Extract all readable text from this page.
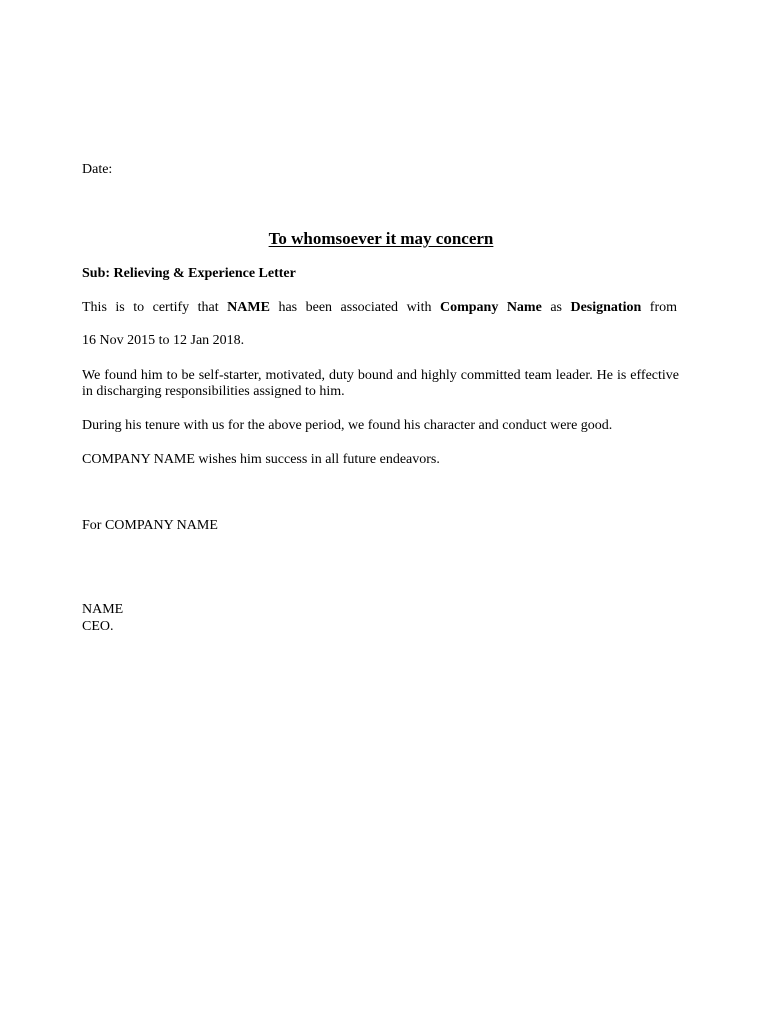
Date:
To whomsoever it may concern
Sub: Relieving & Experience Letter
This is to certify that NAME has been associated with Company Name as Designation from
16 Nov 2015 to 12 Jan 2018.
We found him to be self-starter, motivated, duty bound and highly committed team leader. He is effective in discharging responsibilities assigned to him.
During his tenure with us for the above period, we found his character and conduct were good.
COMPANY NAME wishes him success in all future endeavors.
For COMPANY NAME
NAME
CEO.
